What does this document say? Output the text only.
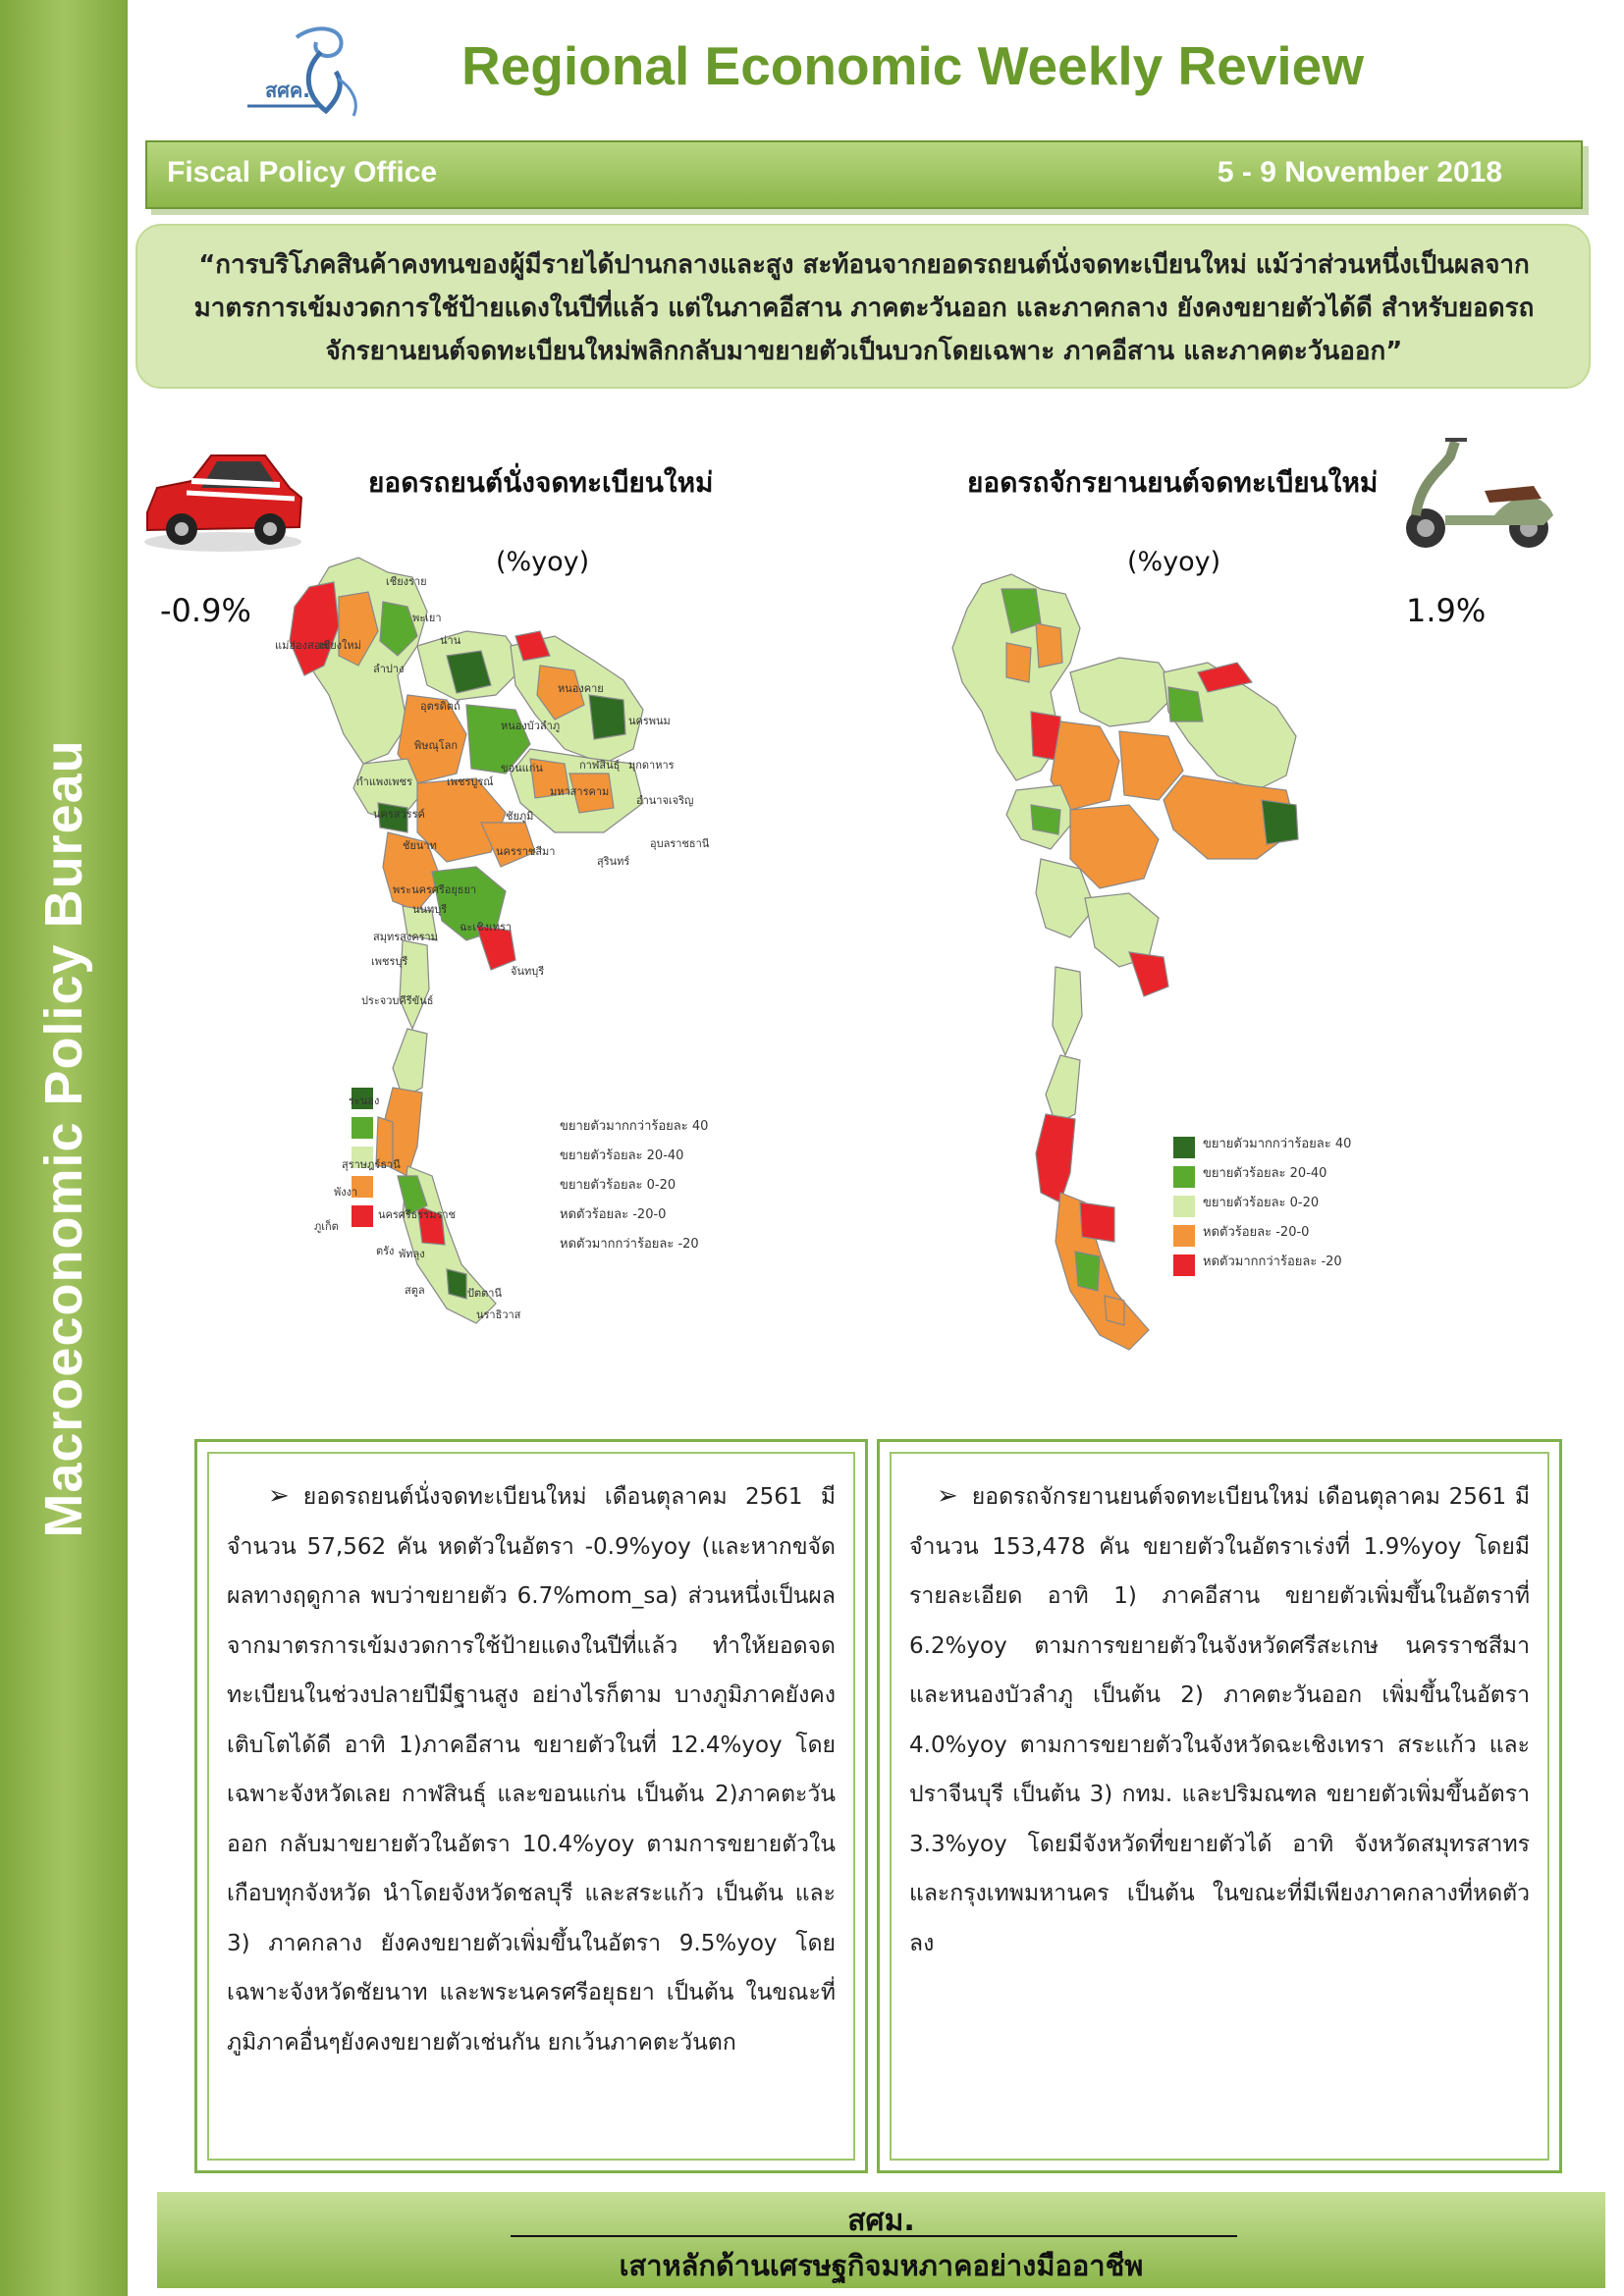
Macroeconomic Policy Bureau
สศค.	Regional Economic Weekly Review
Fiscal Policy Office	5 - 9 November 2018
“การบริโภคสินค้าคงทนของผู้มีรายได้ปานกลางและสูง สะท้อนจากยอดรถยนต์นั่งจดทะเบียนใหม่ แม้ว่าส่วนหนึ่งเป็นผลจากมาตรการเข้มงวดการใช้ป้ายแดงในปีที่แล้ว แต่ในภาคอีสาน ภาคตะวันออก และภาคกลาง ยังคงขยายตัวได้ดี สำหรับยอดรถจักรยานยนต์จดทะเบียนใหม่พลิกกลับมาขยายตัวเป็นบวกโดยเฉพาะ ภาคอีสาน และภาคตะวันออก”
ยอดรถยนต์นั่งจดทะเบียนใหม่
(%yoy)
-0.9%
ยอดรถจักรยานยนต์จดทะเบียนใหม่
(%yoy)
1.9%
ขยายตัวมากกว่าร้อยละ 40
ขยายตัวร้อยละ 20-40
ขยายตัวร้อยละ 0-20
หดตัวร้อยละ -20-0
หดตัวมากกว่าร้อยละ -20
ขยายตัวมากกว่าร้อยละ 40
ขยายตัวร้อยละ 20-40
ขยายตัวร้อยละ 0-20
หดตัวร้อยละ -20-0
หดตัวมากกว่าร้อยละ -20
เชียงราย
พะเยา
น่าน
แม่ฮ่องสอน
เชียงใหม่
ลำปาง
อุตรดิตถ์
หนองคาย
หนองบัวลำภู	นครพนม
พิษณุโลก
ขอนแก่น	กาฬสินธุ์ มุกดาหาร
กำแพงเพชร	เพชรบูรณ์
มหาสารคาม
อำนาจเจริญ
นครสวรรค์	ชัยภูมิ
อุบลราชธานี
ชัยนาท	นครราชสีมา
สุรินทร์
พระนครศรีอยุธยา
นนทบุรี
ฉะเชิงเทรา
สมุทรสงคราม
เพชรบุรี
จันทบุรี
ประจวบคีรีขันธ์
ระนอง
สุราษฎร์ธานี
พังงา
ภูเก็ต
นครศรีธรรมราช
ตรัง พัทลุง
สตูล	ปัตตานี
นราธิวาส
➢ ยอดรถยนต์นั่งจดทะเบียนใหม่ เดือนตุลาคม 2561 มีจำนวน 57,562 คัน หดตัวในอัตรา -0.9%yoy (และหากขจัดผลทางฤดูกาล พบว่าขยายตัว 6.7%mom_sa) ส่วนหนึ่งเป็นผลจากมาตรการเข้มงวดการใช้ป้ายแดงในปีที่แล้ว ทำให้ยอดจดทะเบียนในช่วงปลายปีมีฐานสูง อย่างไรก็ตาม บางภูมิภาคยังคงเติบโตได้ดี อาทิ 1)ภาคอีสาน ขยายตัวในที่ 12.4%yoy โดยเฉพาะจังหวัดเลย กาฬสินธุ์ และขอนแก่น เป็นต้น 2)ภาคตะวันออก กลับมาขยายตัวในอัตรา 10.4%yoy ตามการขยายตัวในเกือบทุกจังหวัด นำโดยจังหวัดชลบุรี และสระแก้ว เป็นต้น และ 3) ภาคกลาง ยังคงขยายตัวเพิ่มขึ้นในอัตรา 9.5%yoy โดยเฉพาะจังหวัดชัยนาท และพระนครศรีอยุธยา เป็นต้น ในขณะที่ภูมิภาคอื่นๆยังคงขยายตัวเช่นกัน ยกเว้นภาคตะวันตก
➢ ยอดรถจักรยานยนต์จดทะเบียนใหม่ เดือนตุลาคม 2561 มีจำนวน 153,478 คัน ขยายตัวในอัตราเร่งที่ 1.9%yoy โดยมีรายละเอียด อาทิ 1) ภาคอีสาน ขยายตัวเพิ่มขึ้นในอัตราที่ 6.2%yoy ตามการขยายตัวในจังหวัดศรีสะเกษ นครราชสีมา และหนองบัวลำภู เป็นต้น 2) ภาคตะวันออก เพิ่มขึ้นในอัตรา 4.0%yoy ตามการขยายตัวในจังหวัดฉะเชิงเทรา สระแก้ว และปราจีนบุรี เป็นต้น 3) กทม. และปริมณฑล ขยายตัวเพิ่มขึ้นอัตรา 3.3%yoy โดยมีจังหวัดที่ขยายตัวได้ อาทิ จังหวัดสมุทรสาทร และกรุงเทพมหานคร เป็นต้น ในขณะที่มีเพียงภาคกลางที่หดตัวลง
สศม.
เสาหลักด้านเศรษฐกิจมหภาคอย่างมืออาชีพ
